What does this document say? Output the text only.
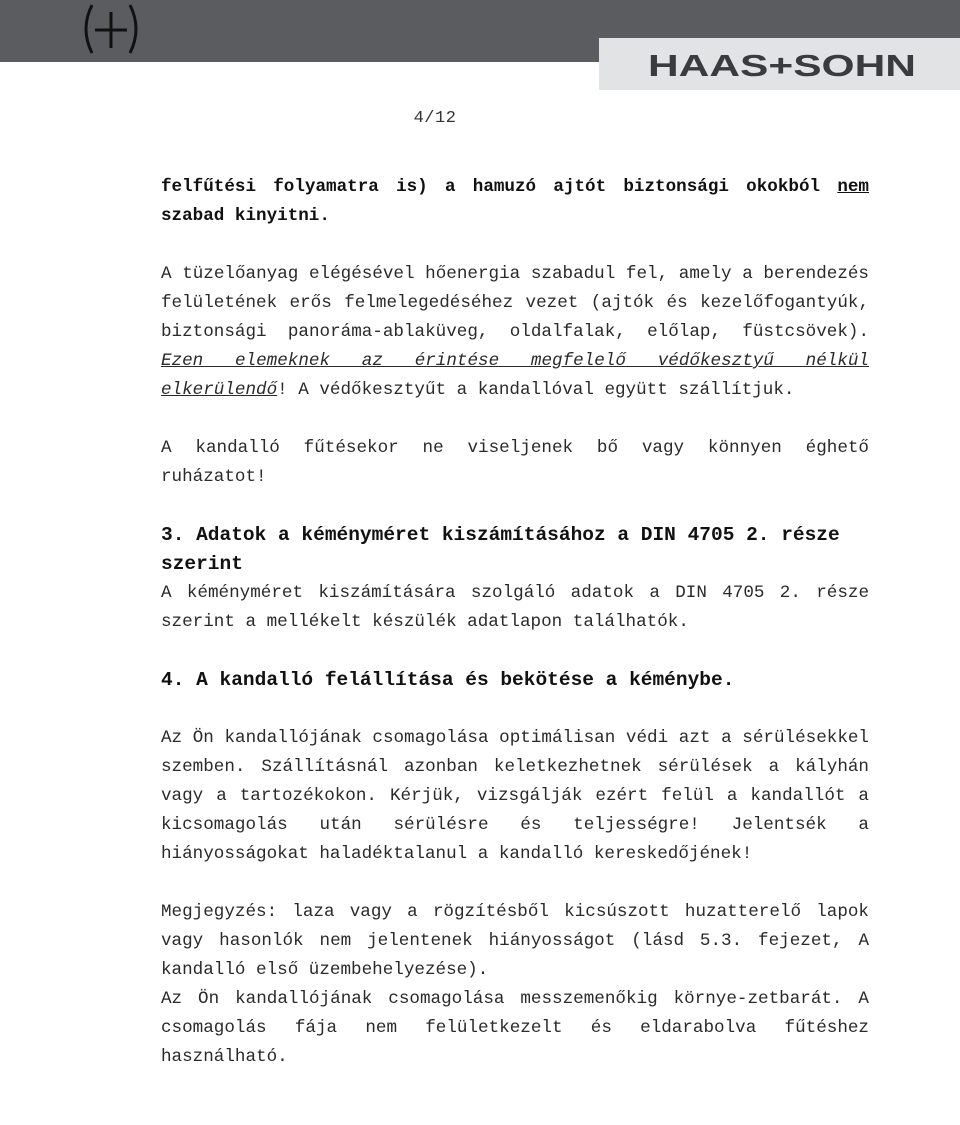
HAAS+SOHN
4/12

felfűtési folyamatra is) a hamuzó ajtót biztonsági okokból nem szabad kinyitni.

A tüzelőanyag elégésével hőenergia szabadul fel, amely a berendezés felületének erős felmelegedéséhez vezet (ajtók és kezelőfogantyúk, biztonsági panoráma-ablaküveg, oldalfalak, előlap, füstcsövek). Ezen elemeknek az érintése megfelelő védőkesztyű nélkül elkerülendő! A védőkesztyűt a kandallóval együtt szállítjuk.

A kandalló fűtésekor ne viseljenek bő vagy könnyen éghető ruházatot!

3. Adatok a kéményméret kiszámításához a DIN 4705 2. része szerint

A kéményméret kiszámítására szolgáló adatok a DIN 4705 2. része szerint a mellékelt készülék adatlapon találhatók.

4. A kandalló felállítása és bekötése a kéménybe.

Az Ön kandallójának csomagolása optimálisan védi azt a sérülésekkel szemben. Szállításnál azonban keletkezhetnek sérülések a kályhán vagy a tartozékokon. Kérjük, vizsgálják ezért felül a kandallót a kicsomagolás után sérülésre és teljességre! Jelentsék a hiányosságokat haladéktalanul a kandalló kereskedőjének!

Megjegyzés: laza vagy a rögzítésből kicsúszott huzatterelő lapok vagy hasonlók nem jelentenek hiányosságot (lásd 5.3. fejezet, A kandalló első üzembehelyezése).

Az Ön kandallójának csomagolása messzemenőkig környe-zetbarát. A csomagolás fája nem felületkezelt és eldarabolva fűtéshez használható.
